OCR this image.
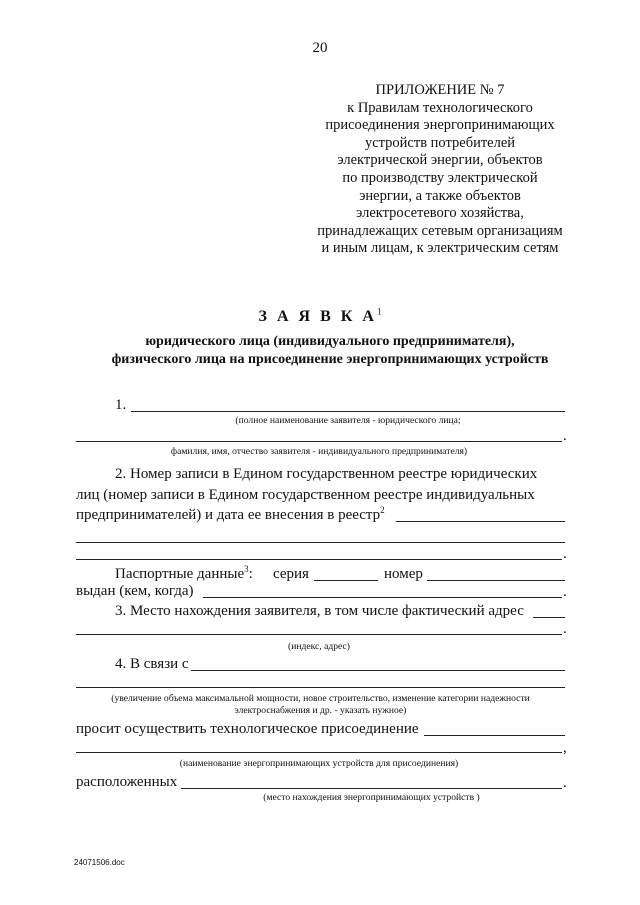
20
ПРИЛОЖЕНИЕ № 7
к Правилам технологического
присоединения энергопринимающих
устройств потребителей
электрической энергии, объектов
по производству электрической
энергии, а также объектов
электросетевого хозяйства,
принадлежащих сетевым организациям
и иным лицам, к электрическим сетям
З А Я В К $А^1$
юридического лица (индивидуального предпринимателя),
физического лица на присоединение энергопринимающих устройств
1.
(полное наименование заявителя - юридического лица;
.
фамилия, имя, отчество заявителя - индивидуального предпринимателя)
2. Номер записи в Едином государственном реестре юридических
лиц (номер записи в Едином государственном реестре индивидуальных
предпринимателей) и дата ее внесения в реестр$^2$
.
Паспортные данные$^3$: серия	номер
выдан (кем, когда)	.
3. Место нахождения заявителя, в том числе фактический адрес
.
(индекс, адрес)
4. В связи с
(увеличение объема максимальной мощности, новое строительство, изменение категории надежности
электроснабжения и др. - указать нужное)
просит осуществить технологическое присоединение
,
(наименование энергопринимающих устройств для присоединения)
расположенных	.
(место нахождения энергопринимающих устройств )
24071506.doc
